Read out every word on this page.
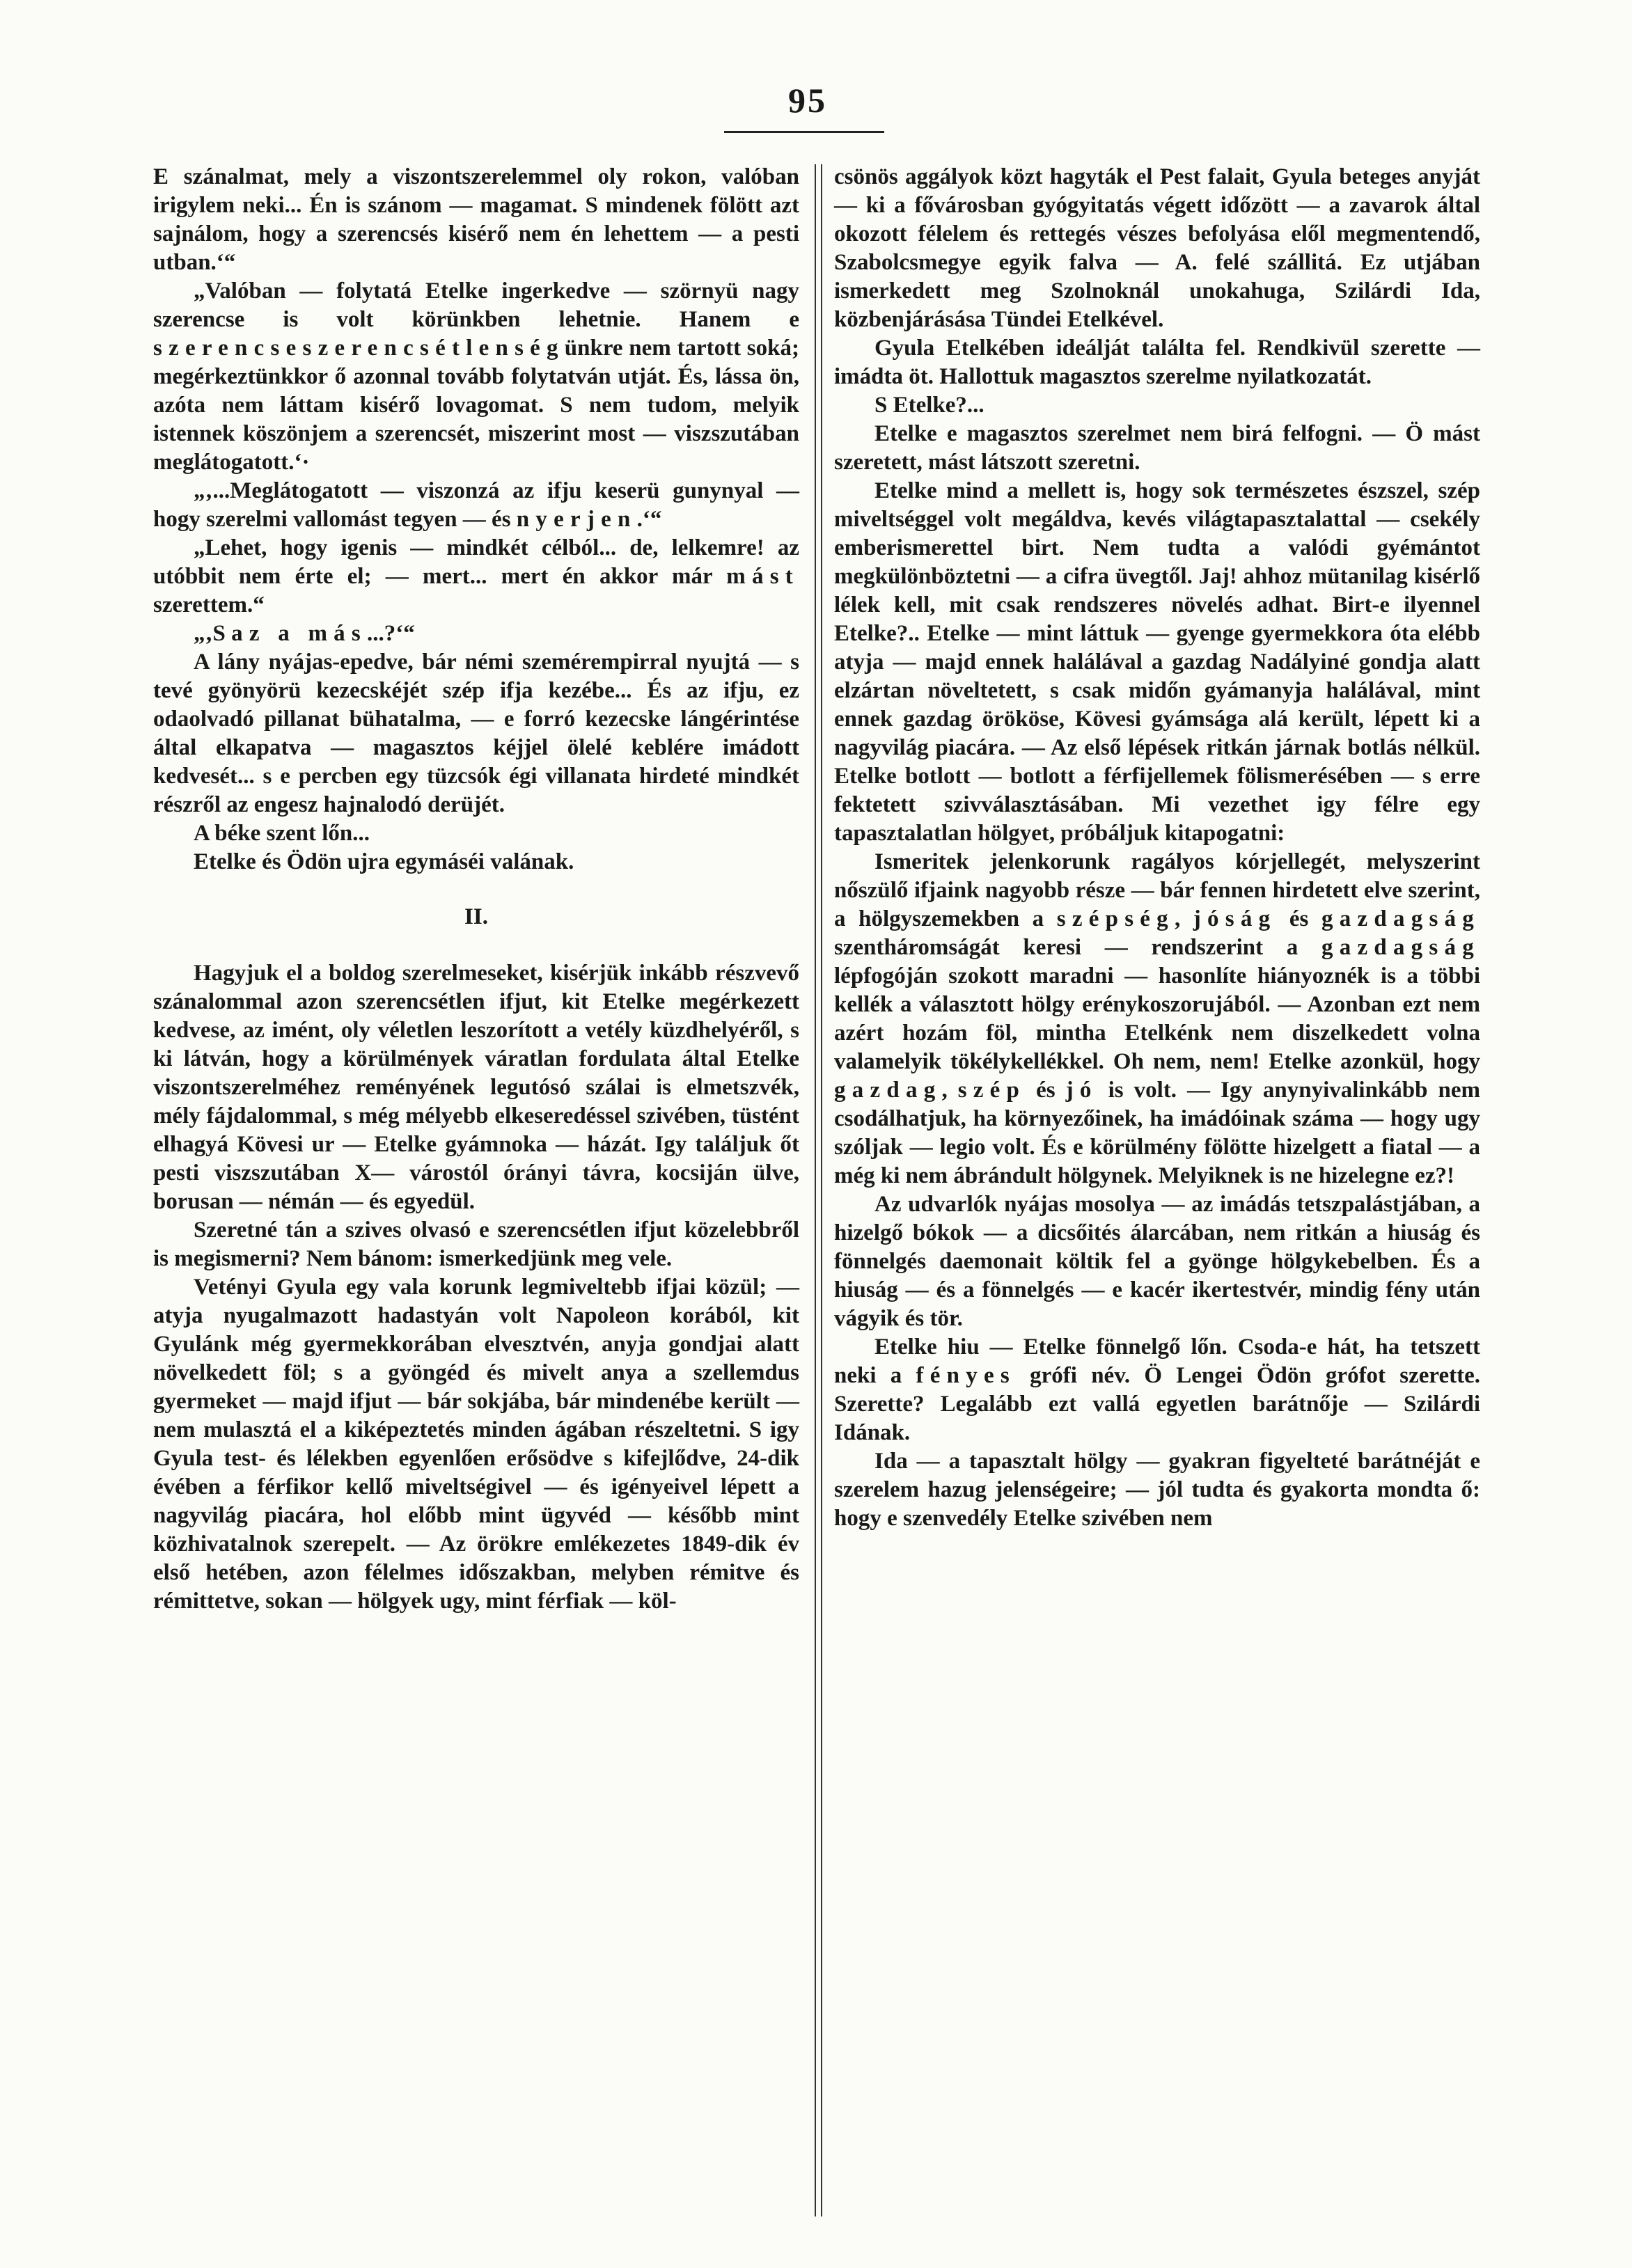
95

E szánalmat, mely a viszontszerelemmel oly rokon, valóban irigylem neki... Én is szánom — magamat. S mindenek fölött azt sajnálom, hogy a szerencsés kisérő nem én lehettem — a pesti utban.‘“

„Valóban — folytatá Etelke ingerkedve — szörnyü nagy szerencse is volt körünkben lehetnie. Hanem e szerencseszerencsétlenségünkre nem tartott soká; megérkeztünkkor ő azonnal tovább folytatván utját. És, lássa ön, azóta nem láttam kisérő lovagomat. S nem tudom, melyik istennek köszönjem a szerencsét, miszerint most — viszszutában meglátogatott.‘·

„‚...Meglátogatott — viszonzá az ifju keserü gunynyal — hogy szerelmi vallomást tegyen — és nyerjen.‘“

„Lehet, hogy igenis — mindkét célból... de, lelkemre! az utóbbit nem érte el; — mert... mert én akkor már mást szerettem.“

„‚S az a más...?‘“

A lány nyájas-epedve, bár némi szemérempirral nyujtá — s tevé gyönyörü kezecskéjét szép ifja kezébe... És az ifju, ez odaolvadó pillanat bühatalma, — e forró kezecske lángérintése által elkapatva — magasztos kéjjel ölelé keblére imádott kedvesét... s e percben egy tüzcsók égi villanata hirdeté mindkét részről az engesz hajnalodó derüjét.

A béke szent lőn...

Etelke és Ödön ujra egymáséi valának.

II.

Hagyjuk el a boldog szerelmeseket, kisérjük inkább részvevő szánalommal azon szerencsétlen ifjut, kit Etelke megérkezett kedvese, az imént, oly véletlen leszorított a vetély küzdhelyéről, s ki látván, hogy a körülmények váratlan fordulata által Etelke viszontszerelméhez reményének legutósó szálai is elmetszvék, mély fájdalommal, s még mélyebb elkeseredéssel szivében, tüstént elhagyá Kövesi ur — Etelke gyámnoka — házát. Igy találjuk őt pesti viszszutában X— várostól órányi távra, kocsiján ülve, borusan — némán — és egyedül.

Szeretné tán a szives olvasó e szerencsétlen ifjut közelebbről is megismerni? Nem bánom: ismerkedjünk meg vele.

Vetényi Gyula egy vala korunk legmiveltebb ifjai közül; — atyja nyugalmazott hadastyán volt Napoleon korából, kit Gyulánk még gyermekkorában elvesztvén, anyja gondjai alatt növelkedett föl; s a gyöngéd és mivelt anya a szellemdus gyermeket — majd ifjut — bár sokjába, bár mindenébe került — nem mulasztá el a kiképeztetés minden ágában részeltetni. S igy Gyula test- és lélekben egyenlően erősödve s kifejlődve, 24-dik évében a férfikor kellő miveltségivel — és igényeivel lépett a nagyvilág piacára, hol előbb mint ügyvéd — később mint közhivatalnok szerepelt. — Az örökre emlékezetes 1849-dik év első hetében, azon félelmes időszakban, melyben rémitve és rémittetve, sokan — hölgyek ugy, mint férfiak — köl-

csönös aggályok közt hagyták el Pest falait, Gyula beteges anyját — ki a fővárosban gyógyitatás végett időzött — a zavarok által okozott félelem és rettegés vészes befolyása elől megmentendő, Szabolcsmegye egyik falva — A. felé szállitá. Ez utjában ismerkedett meg Szolnoknál unokahuga, Szilárdi Ida, közbenjárásása Tündei Etelkével.

Gyula Etelkében ideálját találta fel. Rendkivül szerette — imádta öt. Hallottuk magasztos szerelme nyilatkozatát.

S Etelke?...

Etelke e magasztos szerelmet nem birá felfogni. — Ö mást szeretett, mást látszott szeretni.

Etelke mind a mellett is, hogy sok természetes észszel, szép miveltséggel volt megáldva, kevés világtapasztalattal — csekély emberismerettel birt. Nem tudta a valódi gyémántot megkülönböztetni — a cifra üvegtől. Jaj! ahhoz mütanilag kisérlő lélek kell, mit csak rendszeres növelés adhat. Birt-e ilyennel Etelke?.. Etelke — mint láttuk — gyenge gyermekkora óta elébb atyja — majd ennek halálával a gazdag Nadályiné gondja alatt elzártan növeltetett, s csak midőn gyámanyja halálával, mint ennek gazdag örököse, Kövesi gyámsága alá került, lépett ki a nagyvilág piacára. — Az első lépések ritkán járnak botlás nélkül. Etelke botlott — botlott a férfijellemek fölismerésében — s erre fektetett szivválasztásában. Mi vezethet igy félre egy tapasztalatlan hölgyet, próbáljuk kitapogatni:

Ismeritek jelenkorunk ragályos kórjellegét, melyszerint nőszülő ifjaink nagyobb része — bár fennen hirdetett elve szerint, a hölgyszemekben a szépség, jóság és gazdagság szentháromságát keresi — rendszerint a gazdagság lépfogóján szokott maradni — hasonlíte hiányoznék is a többi kellék a választott hölgy erénykoszorujából. — Azonban ezt nem azért hozám föl, mintha Etelkénk nem diszelkedett volna valamelyik tökélykellékkel. Oh nem, nem! Etelke azonkül, hogy gazdag, szép és jó is volt. — Igy anynyivalinkább nem csodálhatjuk, ha környezőinek, ha imádóinak száma — hogy ugy szóljak — legio volt. És e körülmény fölötte hizelgett a fiatal — a még ki nem ábrándult hölgynek. Melyiknek is ne hizelegne ez?!

Az udvarlók nyájas mosolya — az imádás tetszpalástjában, a hizelgő bókok — a dicsőités álarcában, nem ritkán a hiuság és fönnelgés daemonait költik fel a gyönge hölgykebelben. És a hiuság — és a fönnelgés — e kacér ikertestvér, mindig fény után vágyik és tör.

Etelke hiu — Etelke fönnelgő lőn. Csoda-e hát, ha tetszett neki a fényes grófi név. Ö Lengei Ödön grófot szerette. Szerette? Legalább ezt vallá egyetlen barátnője — Szilárdi Idának.

Ida — a tapasztalt hölgy — gyakran figyelteté barátnéját e szerelem hazug jelenségeire; — jól tudta és gyakorta mondta ő: hogy e szenvedély Etelke szivében nem
